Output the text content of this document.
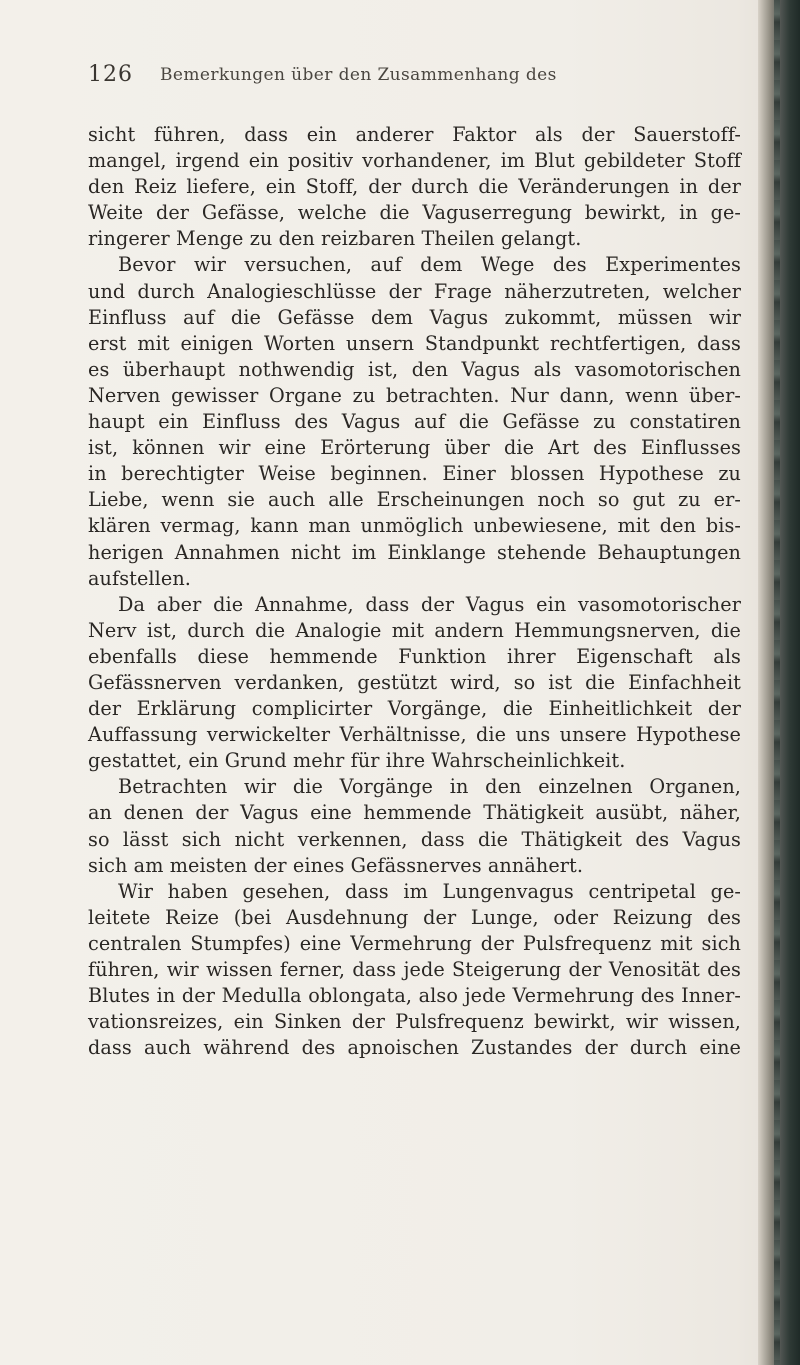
126 Bemerkungen über den Zusammenhang des
sicht führen, dass ein anderer Faktor als der Sauerstoff-
mangel, irgend ein positiv vorhandener, im Blut gebildeter Stoff
den Reiz liefere, ein Stoff, der durch die Veränderungen in der
Weite der Gefässe, welche die Vaguserregung bewirkt, in ge-
ringerer Menge zu den reizbaren Theilen gelangt.
Bevor wir versuchen, auf dem Wege des Experimentes
und durch Analogieschlüsse der Frage näherzutreten, welcher
Einfluss auf die Gefässe dem Vagus zukommt, müssen wir
erst mit einigen Worten unsern Standpunkt rechtfertigen, dass
es überhaupt nothwendig ist, den Vagus als vasomotorischen
Nerven gewisser Organe zu betrachten. Nur dann, wenn über-
haupt ein Einfluss des Vagus auf die Gefässe zu constatiren
ist, können wir eine Erörterung über die Art des Einflusses
in berechtigter Weise beginnen. Einer blossen Hypothese zu
Liebe, wenn sie auch alle Erscheinungen noch so gut zu er-
klären vermag, kann man unmöglich unbewiesene, mit den bis-
herigen Annahmen nicht im Einklange stehende Behauptungen
aufstellen.
Da aber die Annahme, dass der Vagus ein vasomotorischer
Nerv ist, durch die Analogie mit andern Hemmungsnerven, die
ebenfalls diese hemmende Funktion ihrer Eigenschaft als
Gefässnerven verdanken, gestützt wird, so ist die Einfachheit
der Erklärung complicirter Vorgänge, die Einheitlichkeit der
Auffassung verwickelter Verhältnisse, die uns unsere Hypothese
gestattet, ein Grund mehr für ihre Wahrscheinlichkeit.
Betrachten wir die Vorgänge in den einzelnen Organen,
an denen der Vagus eine hemmende Thätigkeit ausübt, näher,
so lässt sich nicht verkennen, dass die Thätigkeit des Vagus
sich am meisten der eines Gefässnerves annähert.
Wir haben gesehen, dass im Lungenvagus centripetal ge-
leitete Reize (bei Ausdehnung der Lunge, oder Reizung des
centralen Stumpfes) eine Vermehrung der Pulsfrequenz mit sich
führen, wir wissen ferner, dass jede Steigerung der Venosität des
Blutes in der Medulla oblongata, also jede Vermehrung des Inner-
vationsreizes, ein Sinken der Pulsfrequenz bewirkt, wir wissen,
dass auch während des apnoischen Zustandes der durch eine
